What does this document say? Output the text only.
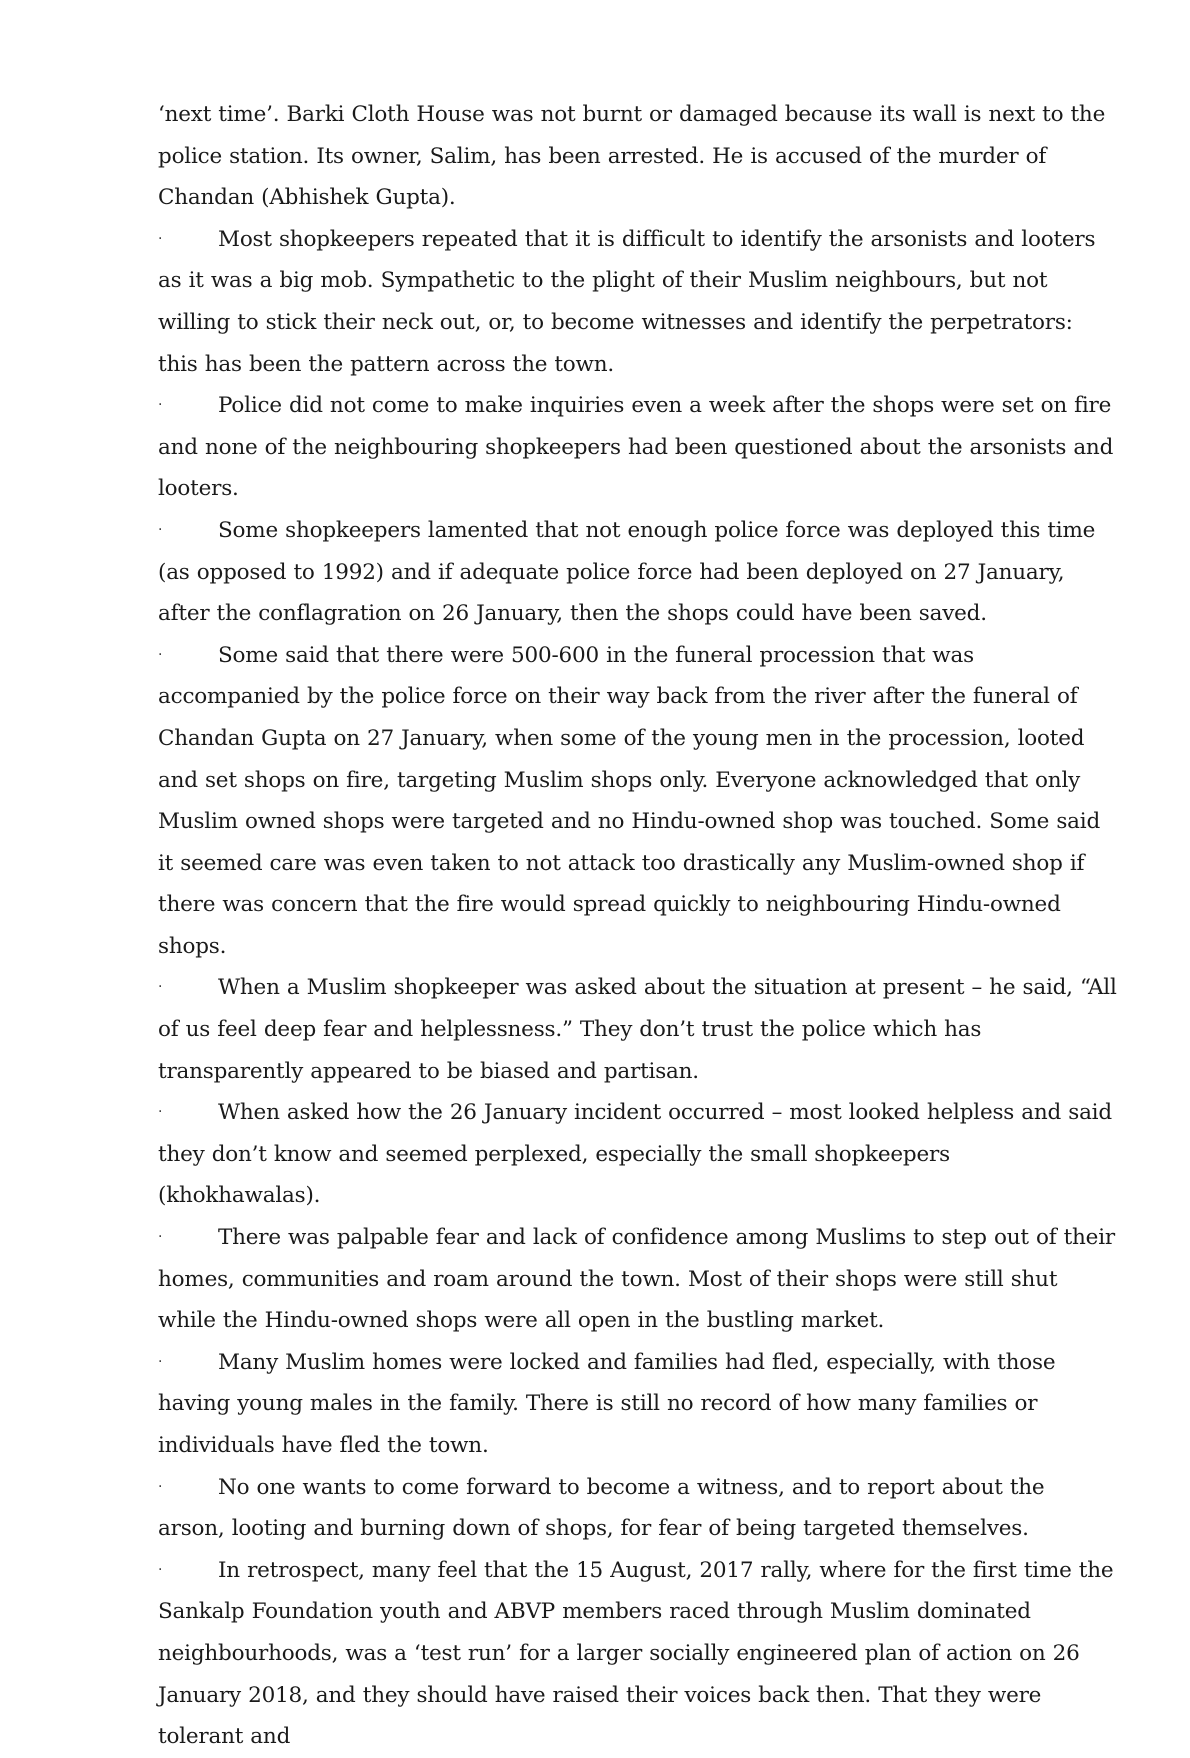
‘next time’. Barki Cloth House was not burnt or damaged because its wall is next to the police station. Its owner, Salim, has been arrested. He is accused of the murder of Chandan (Abhishek Gupta).

·	Most shopkeepers repeated that it is difficult to identify the arsonists and looters as it was a big mob. Sympathetic to the plight of their Muslim neighbours, but not willing to stick their neck out, or, to become witnesses and identify the perpetrators: this has been the pattern across the town.
·	Police did not come to make inquiries even a week after the shops were set on fire and none of the neighbouring shopkeepers had been questioned about the arsonists and looters.
·	Some shopkeepers lamented that not enough police force was deployed this time (as opposed to 1992) and if adequate police force had been deployed on 27 January, after the conflagration on 26 January, then the shops could have been saved.
·	Some said that there were 500-600 in the funeral procession that was accompanied by the police force on their way back from the river after the funeral of Chandan Gupta on 27 January, when some of the young men in the procession, looted and set shops on fire, targeting Muslim shops only. Everyone acknowledged that only Muslim owned shops were targeted and no Hindu-owned shop was touched. Some said it seemed care was even taken to not attack too drastically any Muslim-owned shop if there was concern that the fire would spread quickly to neighbouring Hindu-owned shops.
·	When a Muslim shopkeeper was asked about the situation at present – he said, “All of us feel deep fear and helplessness.” They don’t trust the police which has transparently appeared to be biased and partisan.
·	When asked how the 26 January incident occurred – most looked helpless and said they don’t know and seemed perplexed, especially the small shopkeepers (khokhawalas).
·	There was palpable fear and lack of confidence among Muslims to step out of their homes, communities and roam around the town. Most of their shops were still shut while the Hindu-owned shops were all open in the bustling market.
·	Many Muslim homes were locked and families had fled, especially, with those having young males in the family. There is still no record of how many families or individuals have fled the town.
·	No one wants to come forward to become a witness, and to report about the arson, looting and burning down of shops, for fear of being targeted themselves.
·	In retrospect, many feel that the 15 August, 2017 rally, where for the first time the Sankalp Foundation youth and ABVP members raced through Muslim dominated neighbourhoods, was a ‘test run’ for a larger socially engineered plan of action on 26 January 2018, and they should have raised their voices back then. That they were tolerant and
